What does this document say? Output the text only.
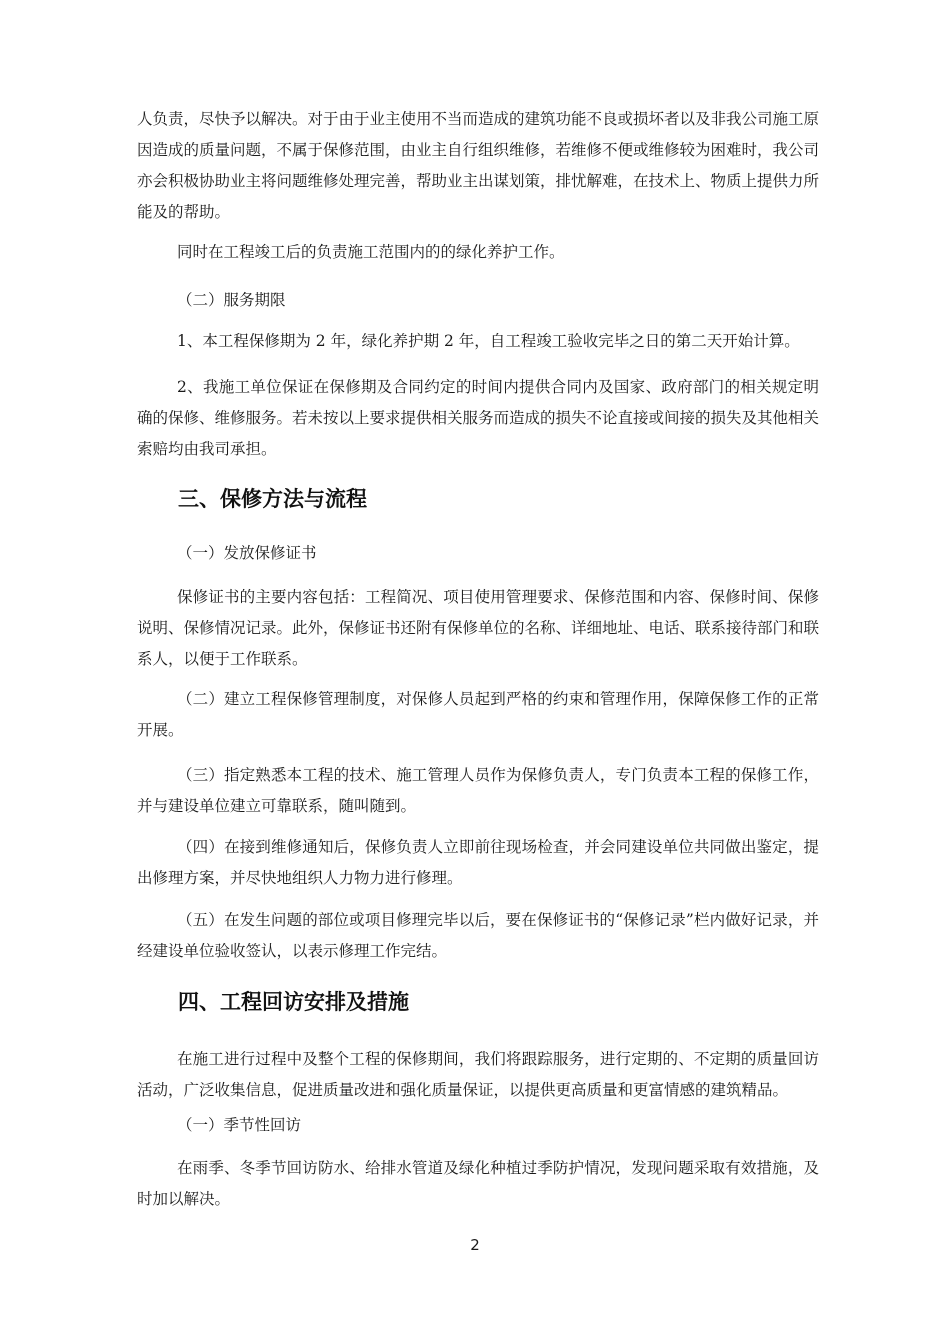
人负责，尽快予以解决。对于由于业主使用不当而造成的建筑功能不良或损坏者以及非我公司施工原因造成的质量问题，不属于保修范围，由业主自行组织维修，若维修不便或维修较为困难时，我公司亦会积极协助业主将问题维修处理完善，帮助业主出谋划策，排忧解难，在技术上、物质上提供力所能及的帮助。

同时在工程竣工后的负责施工范围内的的绿化养护工作。

（二）服务期限

1、本工程保修期为 2 年，绿化养护期 2 年，自工程竣工验收完毕之日的第二天开始计算。

2、我施工单位保证在保修期及合同约定的时间内提供合同内及国家、政府部门的相关规定明确的保修、维修服务。若未按以上要求提供相关服务而造成的损失不论直接或间接的损失及其他相关索赔均由我司承担。

三、保修方法与流程

（一）发放保修证书

保修证书的主要内容包括：工程简况、项目使用管理要求、保修范围和内容、保修时间、保修说明、保修情况记录。此外，保修证书还附有保修单位的名称、详细地址、电话、联系接待部门和联系人，以便于工作联系。

（二）建立工程保修管理制度，对保修人员起到严格的约束和管理作用，保障保修工作的正常开展。

（三）指定熟悉本工程的技术、施工管理人员作为保修负责人，专门负责本工程的保修工作，并与建设单位建立可靠联系，随叫随到。

（四）在接到维修通知后，保修负责人立即前往现场检查，并会同建设单位共同做出鉴定，提出修理方案，并尽快地组织人力物力进行修理。

（五）在发生问题的部位或项目修理完毕以后，要在保修证书的“保修记录”栏内做好记录，并经建设单位验收签认，以表示修理工作完结。

四、工程回访安排及措施

在施工进行过程中及整个工程的保修期间，我们将跟踪服务，进行定期的、不定期的质量回访活动，广泛收集信息，促进质量改进和强化质量保证，以提供更高质量和更富情感的建筑精品。

（一）季节性回访

在雨季、冬季节回访防水、给排水管道及绿化种植过季防护情况，发现问题采取有效措施，及时加以解决。

2
